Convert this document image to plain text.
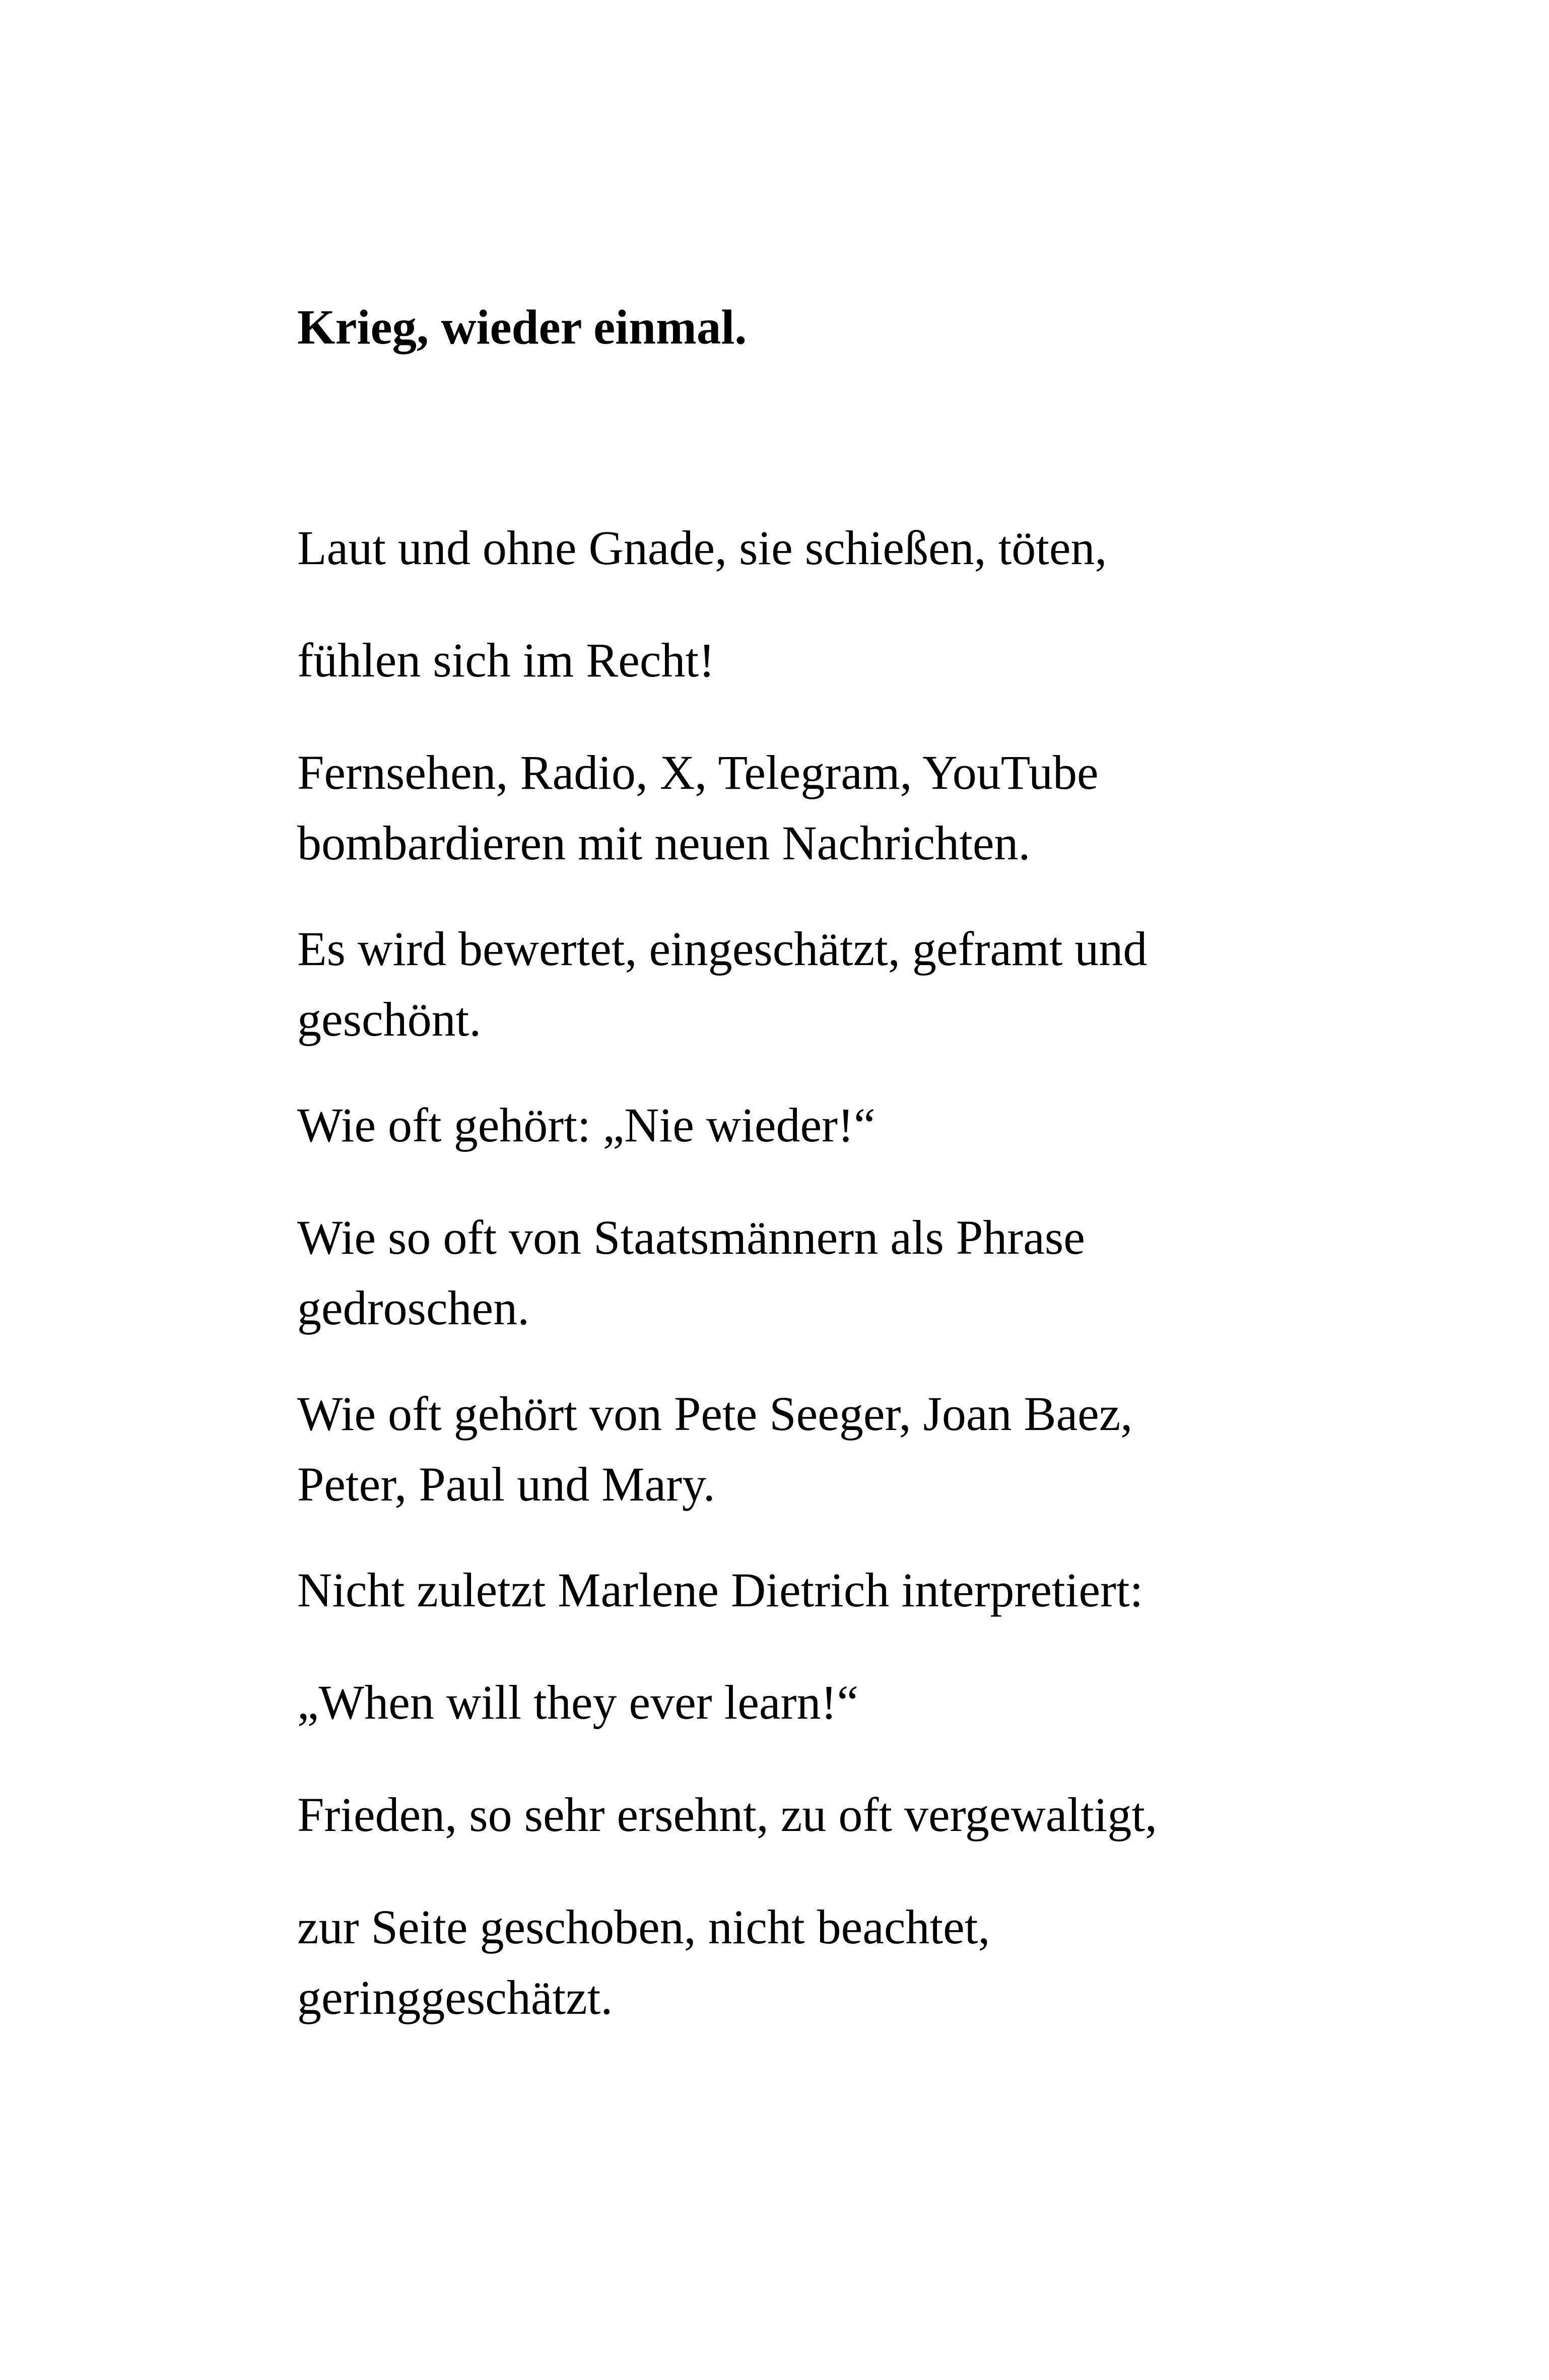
Krieg, wieder einmal.

Laut und ohne Gnade, sie schießen, töten,

fühlen sich im Recht!

Fernsehen, Radio, X, Telegram, YouTube
bombardieren mit neuen Nachrichten.

Es wird bewertet, eingeschätzt, geframt und
geschönt.

Wie oft gehört: „Nie wieder!“

Wie so oft von Staatsmännern als Phrase
gedroschen.

Wie oft gehört von Pete Seeger, Joan Baez,
Peter, Paul und Mary.

Nicht zuletzt Marlene Dietrich interpretiert:

„When will they ever learn!“

Frieden, so sehr ersehnt, zu oft vergewaltigt,

zur Seite geschoben, nicht beachtet,
geringgeschätzt.
